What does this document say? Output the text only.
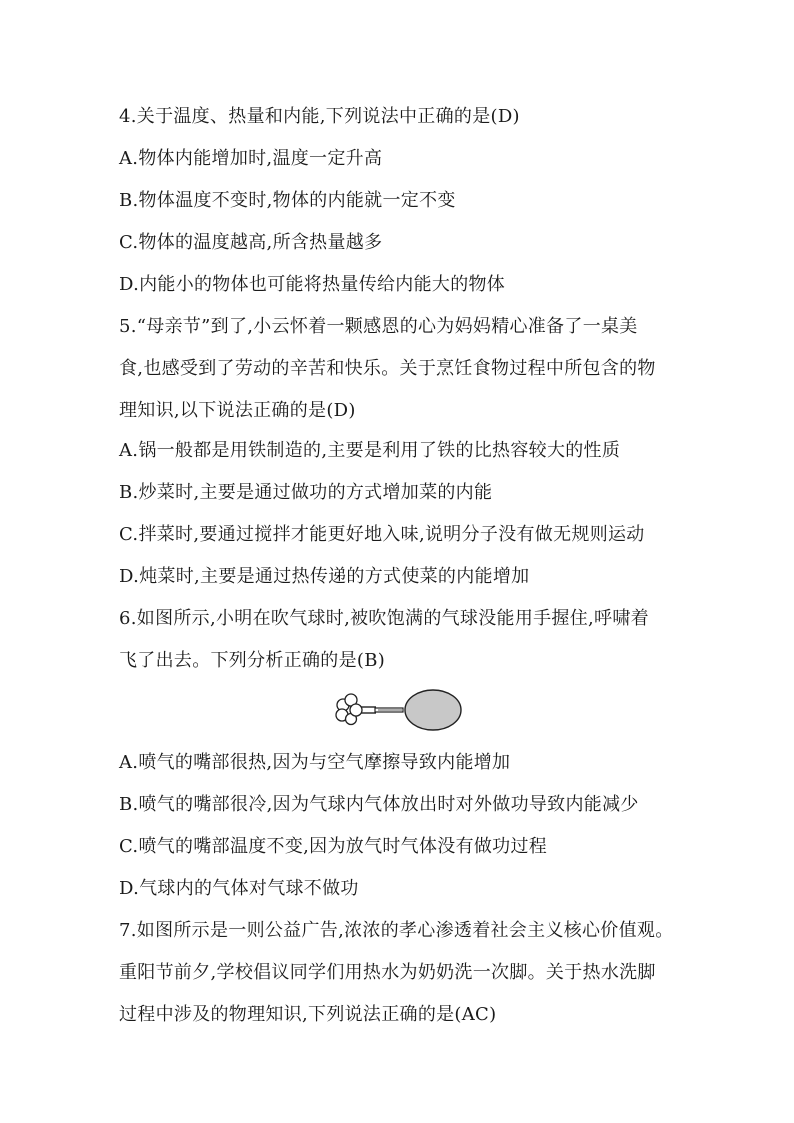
4.关于温度、热量和内能,下列说法中正确的是(D)
A.物体内能增加时,温度一定升高
B.物体温度不变时,物体的内能就一定不变
C.物体的温度越高,所含热量越多
D.内能小的物体也可能将热量传给内能大的物体
5.“母亲节”到了,小云怀着一颗感恩的心为妈妈精心准备了一桌美
食,也感受到了劳动的辛苦和快乐。关于烹饪食物过程中所包含的物
理知识,以下说法正确的是(D)
A.锅一般都是用铁制造的,主要是利用了铁的比热容较大的性质
B.炒菜时,主要是通过做功的方式增加菜的内能
C.拌菜时,要通过搅拌才能更好地入味,说明分子没有做无规则运动
D.炖菜时,主要是通过热传递的方式使菜的内能增加
6.如图所示,小明在吹气球时,被吹饱满的气球没能用手握住,呼啸着
飞了出去。下列分析正确的是(B)
A.喷气的嘴部很热,因为与空气摩擦导致内能增加
B.喷气的嘴部很冷,因为气球内气体放出时对外做功导致内能减少
C.喷气的嘴部温度不变,因为放气时气体没有做功过程
D.气球内的气体对气球不做功
7.如图所示是一则公益广告,浓浓的孝心渗透着社会主义核心价值观。
重阳节前夕,学校倡议同学们用热水为奶奶洗一次脚。关于热水洗脚
过程中涉及的物理知识,下列说法正确的是(AC)
